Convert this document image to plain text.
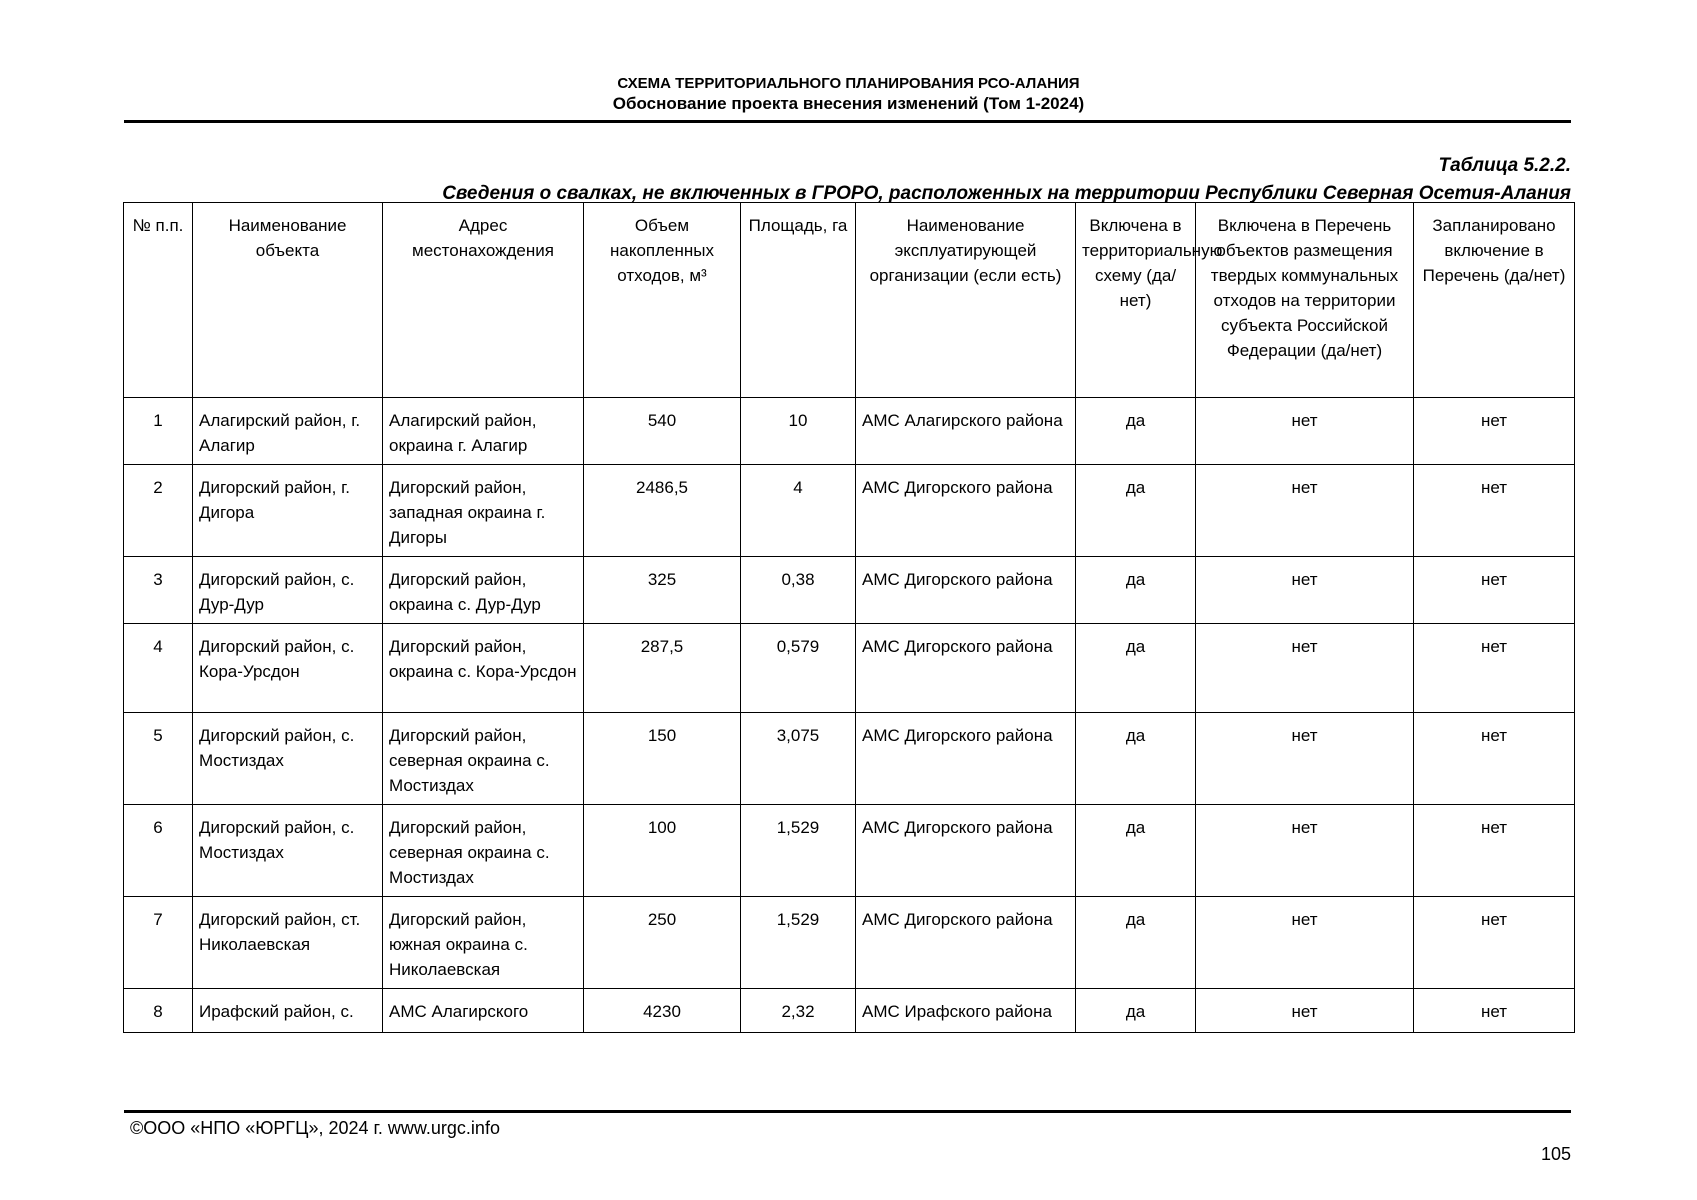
СХЕМА ТЕРРИТОРИАЛЬНОГО ПЛАНИРОВАНИЯ РСО-АЛАНИЯ
Обоснование проекта внесения изменений (Том 1-2024)
Таблица 5.2.2.
Сведения о свалках, не включенных в ГРОРО, расположенных на территории Республики Северная Осетия-Алания
№ п.п.	Наименование объекта	Адрес местонахождения	Объем накопленных отходов, м³	Площадь, га	Наименование эксплуатирующей организации (если есть)	Включена в территориальную схему (да/нет)	Включена в Перечень объектов размещения твердых коммунальных отходов на территории субъекта Российской Федерации (да/нет)	Запланировано включение в Перечень (да/нет)
1	Алагирский район, г. Алагир	Алагирский район, окраина г. Алагир	540	10	АМС Алагирского района	да	нет	нет
2	Дигорский район, г. Дигора	Дигорский район, западная окраина г. Дигоры	2486,5	4	АМС Дигорского района	да	нет	нет
3	Дигорский район, с. Дур-Дур	Дигорский район, окраина с. Дур-Дур	325	0,38	АМС Дигорского района	да	нет	нет
4	Дигорский район, с. Кора-Урсдон	Дигорский район, окраина с. Кора-Урсдон	287,5	0,579	АМС Дигорского района	да	нет	нет
5	Дигорский район, с. Мостиздах	Дигорский район, северная окраина с. Мостиздах	150	3,075	АМС Дигорского района	да	нет	нет
6	Дигорский район, с. Мостиздах	Дигорский район, северная окраина с. Мостиздах	100	1,529	АМС Дигорского района	да	нет	нет
7	Дигорский район, ст. Николаевская	Дигорский район, южная окраина с. Николаевская	250	1,529	АМС Дигорского района	да	нет	нет
8	Ирафский район, с.	АМС Алагирского	4230	2,32	АМС Ирафского района	да	нет	нет
©ООО «НПО «ЮРГЦ», 2024 г. www.urgc.info
105
